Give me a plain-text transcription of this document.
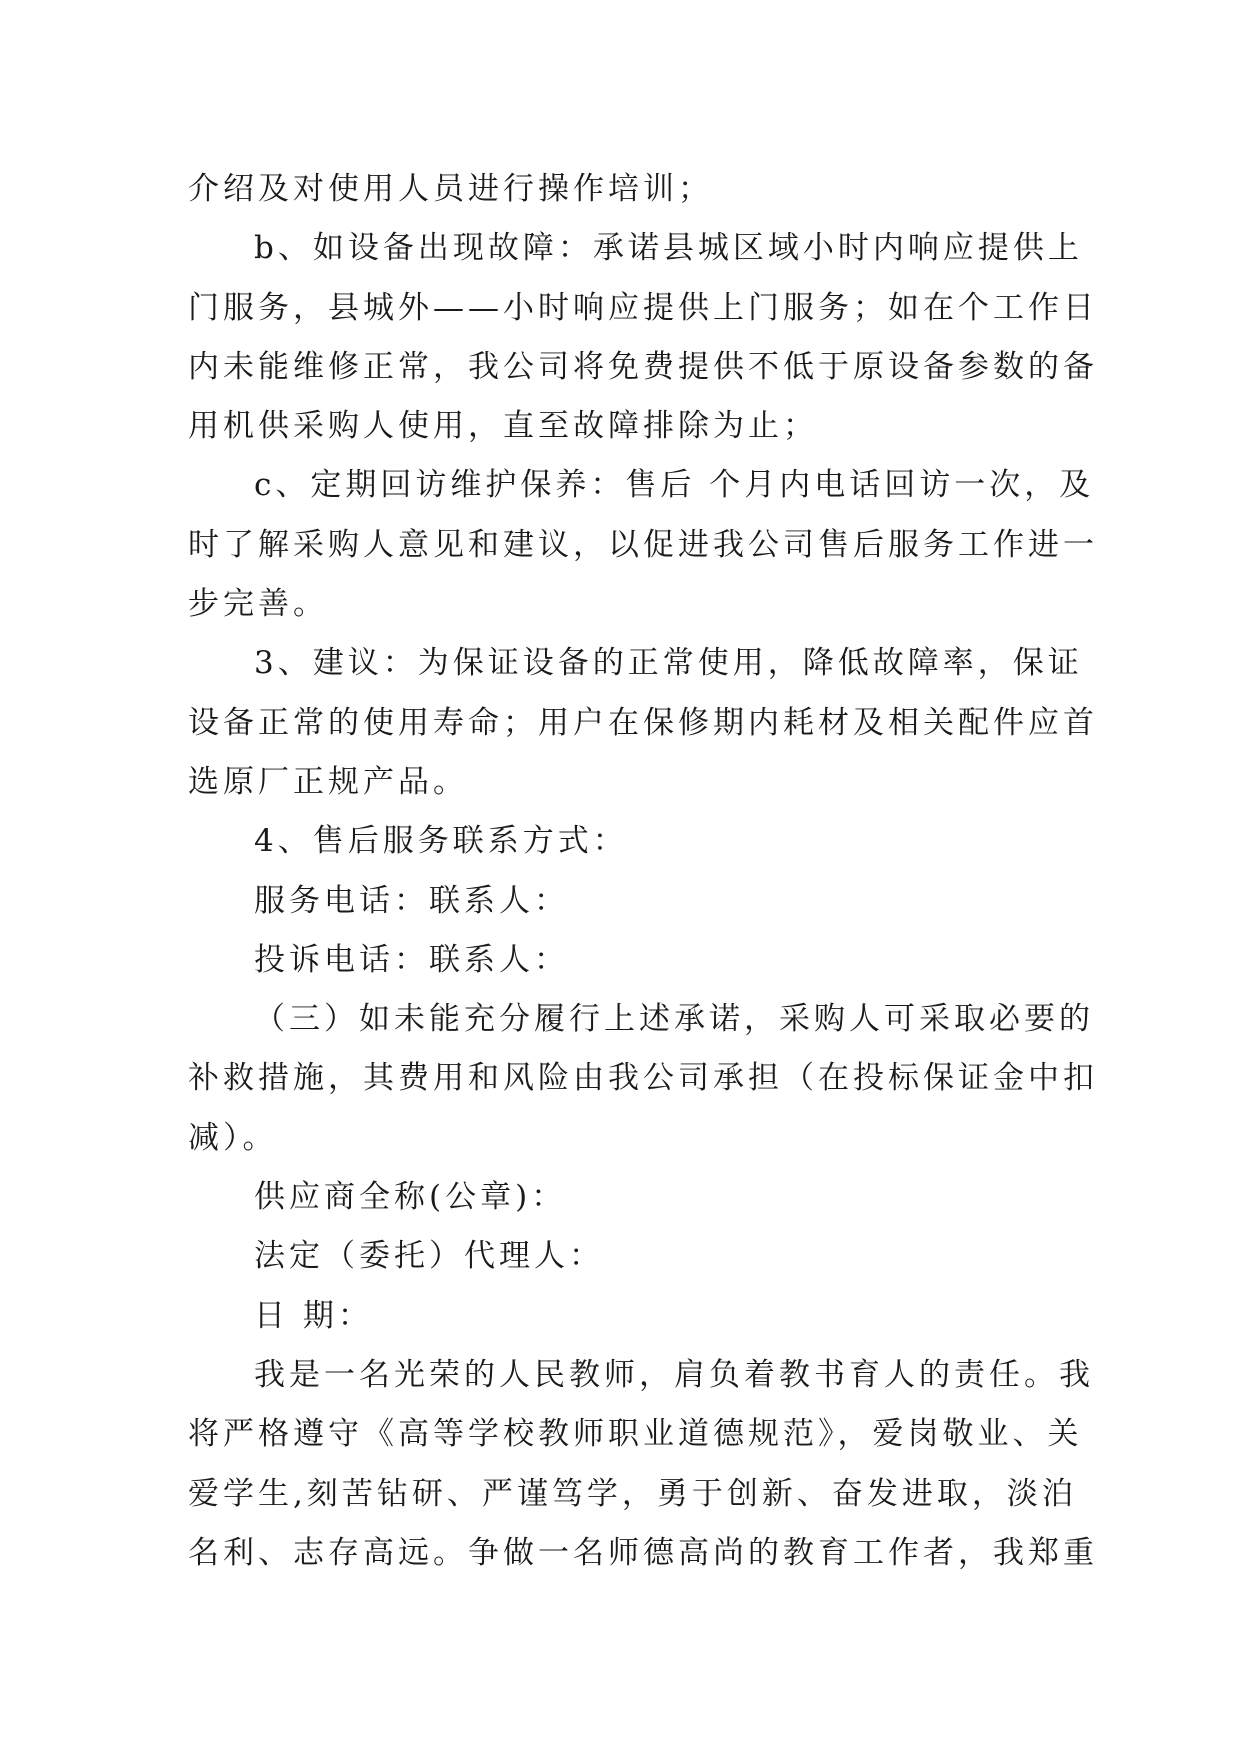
介绍及对使用人员进行操作培训；
b、如设备出现故障：承诺县城区域小时内响应提供上
门服务，县城外——小时响应提供上门服务；如在个工作日
内未能维修正常，我公司将免费提供不低于原设备参数的备
用机供采购人使用，直至故障排除为止；
c、定期回访维护保养：售后 个月内电话回访一次，及
时了解采购人意见和建议，以促进我公司售后服务工作进一
步完善。
3、建议：为保证设备的正常使用，降低故障率，保证
设备正常的使用寿命；用户在保修期内耗材及相关配件应首
选原厂正规产品。
4、售后服务联系方式：
服务电话：联系人：
投诉电话：联系人：
（三）如未能充分履行上述承诺，采购人可采取必要的
补救措施，其费用和风险由我公司承担（在投标保证金中扣
减）。
供应商全称(公章)：
法定（委托）代理人：
日 期：
我是一名光荣的人民教师，肩负着教书育人的责任。我
将严格遵守《高等学校教师职业道德规范》，爱岗敬业、关
爱学生,刻苦钻研、严谨笃学，勇于创新、奋发进取，淡泊
名利、志存高远。争做一名师德高尚的教育工作者，我郑重
